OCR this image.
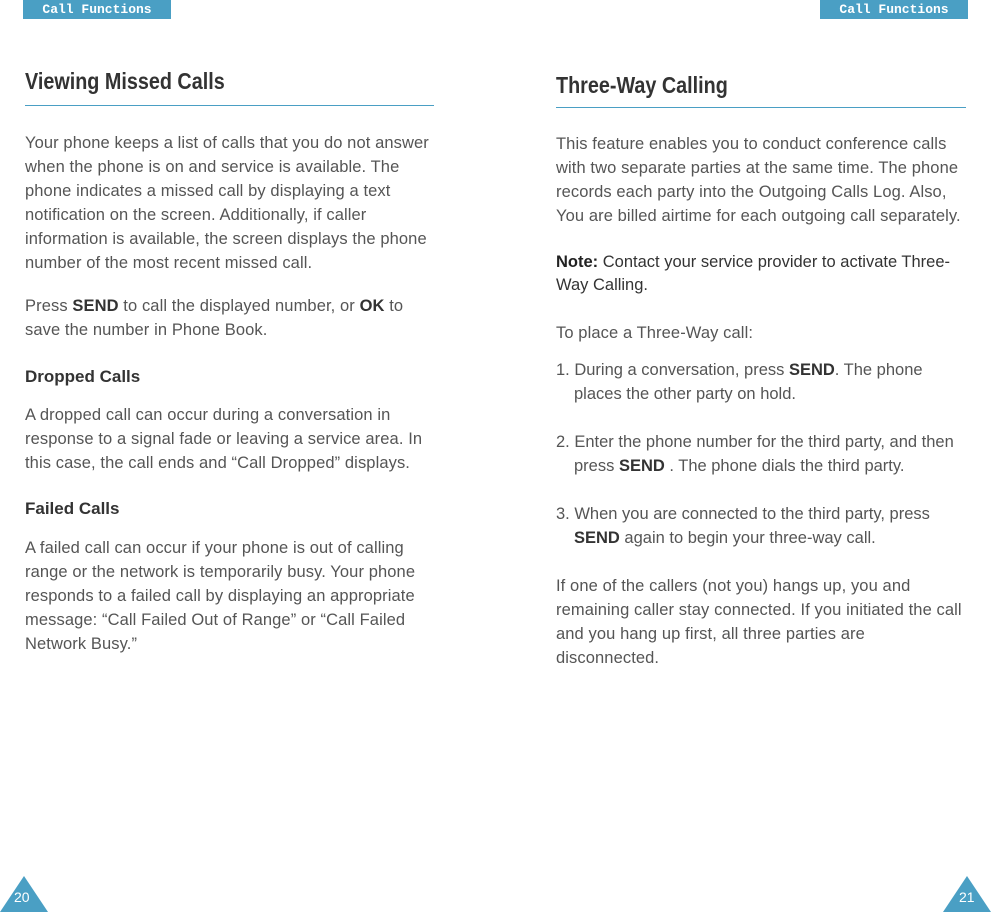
Call Functions	Call Functions
Viewing Missed Calls

Your phone keeps a list of calls that you do not answer when the phone is on and service is available. The phone indicates a missed call by displaying a text notification on the screen. Additionally, if caller information is available, the screen displays the phone number of the most recent missed call.

Press SEND to call the displayed number, or OK to save the number in Phone Book.

Dropped Calls

A dropped call can occur during a conversation in response to a signal fade or leaving a service area. In this case, the call ends and “Call Dropped” displays.

Failed Calls

A failed call can occur if your phone is out of calling range or the network is temporarily busy. Your phone responds to a failed call by displaying an appropriate message: “Call Failed Out of Range” or “Call Failed Network Busy.”

Three-Way Calling

This feature enables you to conduct conference calls with two separate parties at the same time. The phone records each party into the Outgoing Calls Log. Also, You are billed airtime for each outgoing call separately.

Note: Contact your service provider to activate Three-Way Calling.

To place a Three-Way call:

1. During a conversation, press SEND. The phone places the other party on hold.

2. Enter the phone number for the third party, and then press SEND . The phone dials the third party.

3. When you are connected to the third party, press SEND again to begin your three-way call.

If one of the callers (not you) hangs up, you and remaining caller stay connected. If you initiated the call and you hang up first, all three parties are disconnected.

20	21
